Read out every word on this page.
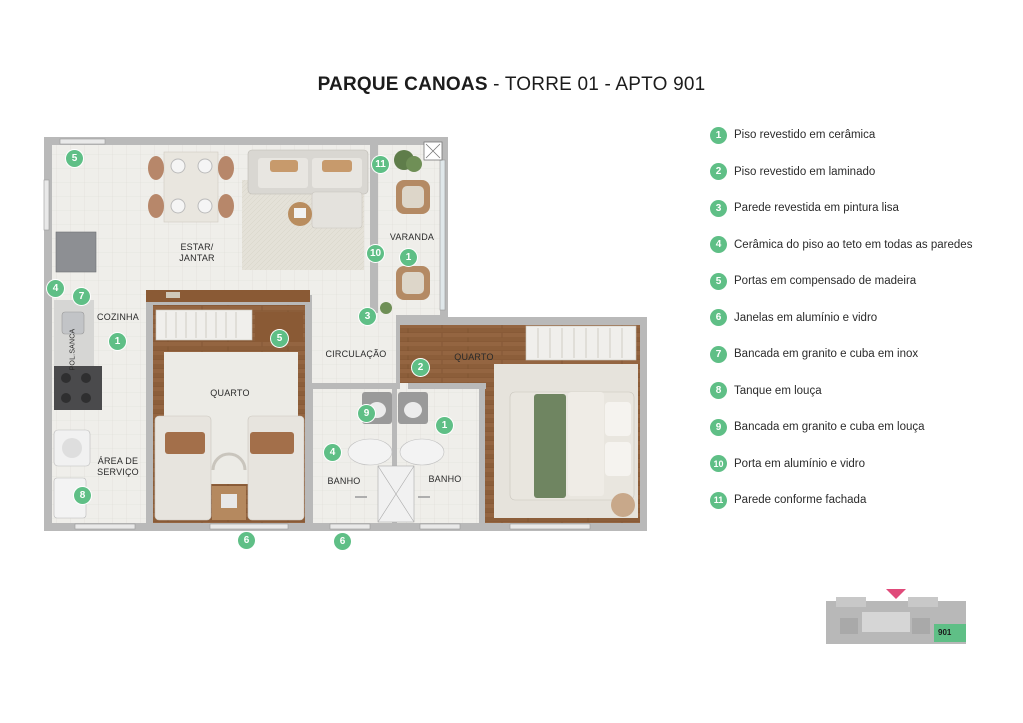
PARQUE CANOAS - TORRE 01 - APTO 901
ESTAR/
JANTAR
VARANDA
COZINHA
CIRCULAÇÃO
QUARTO
QUARTO
BANHO	BANHO
ÁREA DE
SERVIÇO
POL.SANCA
5
11
1
10
3
4
7
1	5
2
9
1
4
8
6	6
1	Piso revestido em cerâmica
2	Piso revestido em laminado
3	Parede revestida em pintura lisa
4	Cerâmica do piso ao teto em todas as paredes
5	Portas em compensado de madeira
6	Janelas em alumínio e vidro
7	Bancada em granito e cuba em inox
8	Tanque em louça
9	Bancada em granito e cuba em louça
10 Porta em alumínio e vidro
11 Parede conforme fachada
901
